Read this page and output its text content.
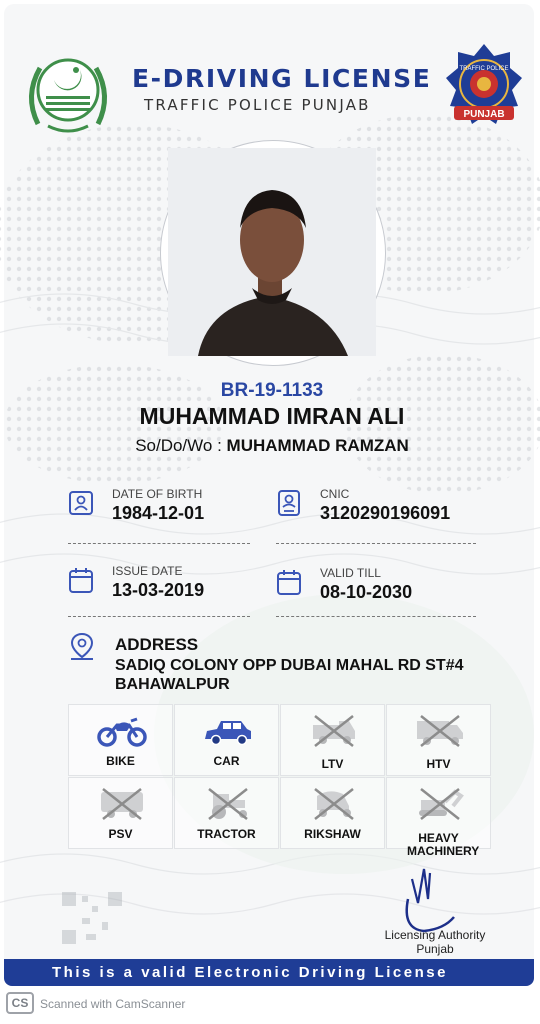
E-DRIVING LICENSE
TRAFFIC POLICE PUNJAB
TRAFFIC POLICE
PUNJAB
BR-19-1133
MUHAMMAD IMRAN ALI
So/Do/Wo : MUHAMMAD RAMZAN
DATE OF BIRTH
1984-12-01
CNIC
3120290196091
ISSUE DATE
13-03-2019
VALID TILL
08-10-2030
ADDRESS
SADIQ COLONY OPP DUBAI MAHAL RD ST#4
BAHAWALPUR
BIKE	CAR	LTV	HTV
PSV	TRACTOR	RIKSHAW	HEAVY MACHINERY
Licensing Authority
Punjab
This is a valid Electronic Driving License
CS Scanned with CamScanner
